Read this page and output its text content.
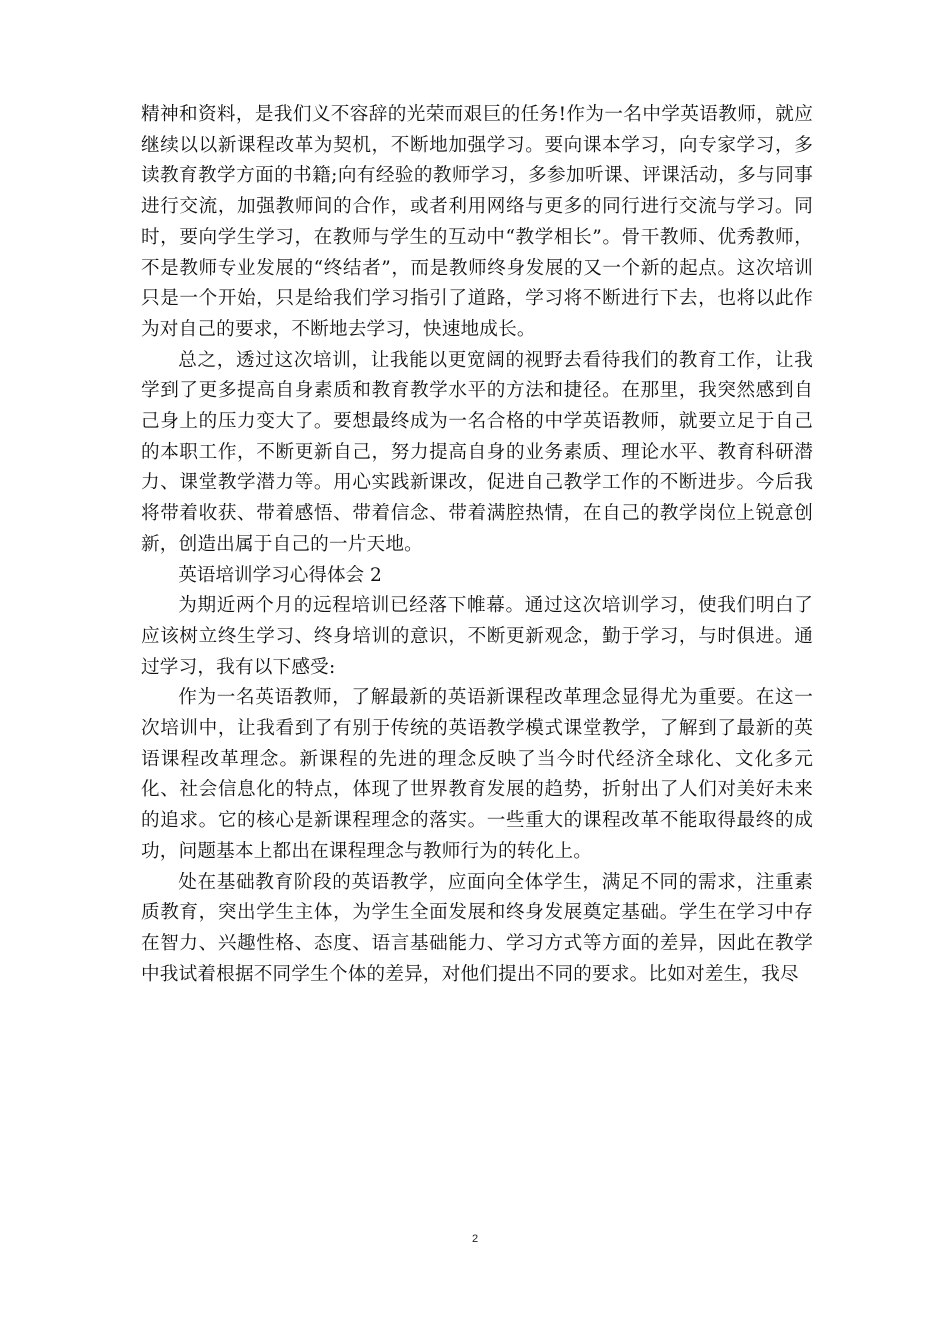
精神和资料，是我们义不容辞的光荣而艰巨的任务!作为一名中学英语教师，就应继续以以新课程改革为契机，不断地加强学习。要向课本学习，向专家学习，多读教育教学方面的书籍;向有经验的教师学习，多参加听课、评课活动，多与同事进行交流，加强教师间的合作，或者利用网络与更多的同行进行交流与学习。同时，要向学生学习，在教师与学生的互动中“教学相长”。骨干教师、优秀教师，不是教师专业发展的“终结者”，而是教师终身发展的又一个新的起点。这次培训只是一个开始，只是给我们学习指引了道路，学习将不断进行下去，也将以此作为对自己的要求，不断地去学习，快速地成长。

总之，透过这次培训，让我能以更宽阔的视野去看待我们的教育工作，让我学到了更多提高自身素质和教育教学水平的方法和捷径。在那里，我突然感到自己身上的压力变大了。要想最终成为一名合格的中学英语教师，就要立足于自己的本职工作，不断更新自己，努力提高自身的业务素质、理论水平、教育科研潜力、课堂教学潜力等。用心实践新课改，促进自己教学工作的不断进步。今后我将带着收获、带着感悟、带着信念、带着满腔热情，在自己的教学岗位上锐意创新，创造出属于自己的一片天地。

英语培训学习心得体会 2

为期近两个月的远程培训已经落下帷幕。通过这次培训学习，使我们明白了应该树立终生学习、终身培训的意识，不断更新观念，勤于学习，与时俱进。通过学习，我有以下感受:

作为一名英语教师，了解最新的英语新课程改革理念显得尤为重要。在这一次培训中，让我看到了有别于传统的英语教学模式课堂教学，了解到了最新的英语课程改革理念。新课程的先进的理念反映了当今时代经济全球化、文化多元化、社会信息化的特点，体现了世界教育发展的趋势，折射出了人们对美好未来的追求。它的核心是新课程理念的落实。一些重大的课程改革不能取得最终的成功，问题基本上都出在课程理念与教师行为的转化上。

处在基础教育阶段的英语教学，应面向全体学生，满足不同的需求，注重素质教育，突出学生主体，为学生全面发展和终身发展奠定基础。学生在学习中存在智力、兴趣性格、态度、语言基础能力、学习方式等方面的差异，因此在教学中我试着根据不同学生个体的差异，对他们提出不同的要求。比如对差生，我尽

2
